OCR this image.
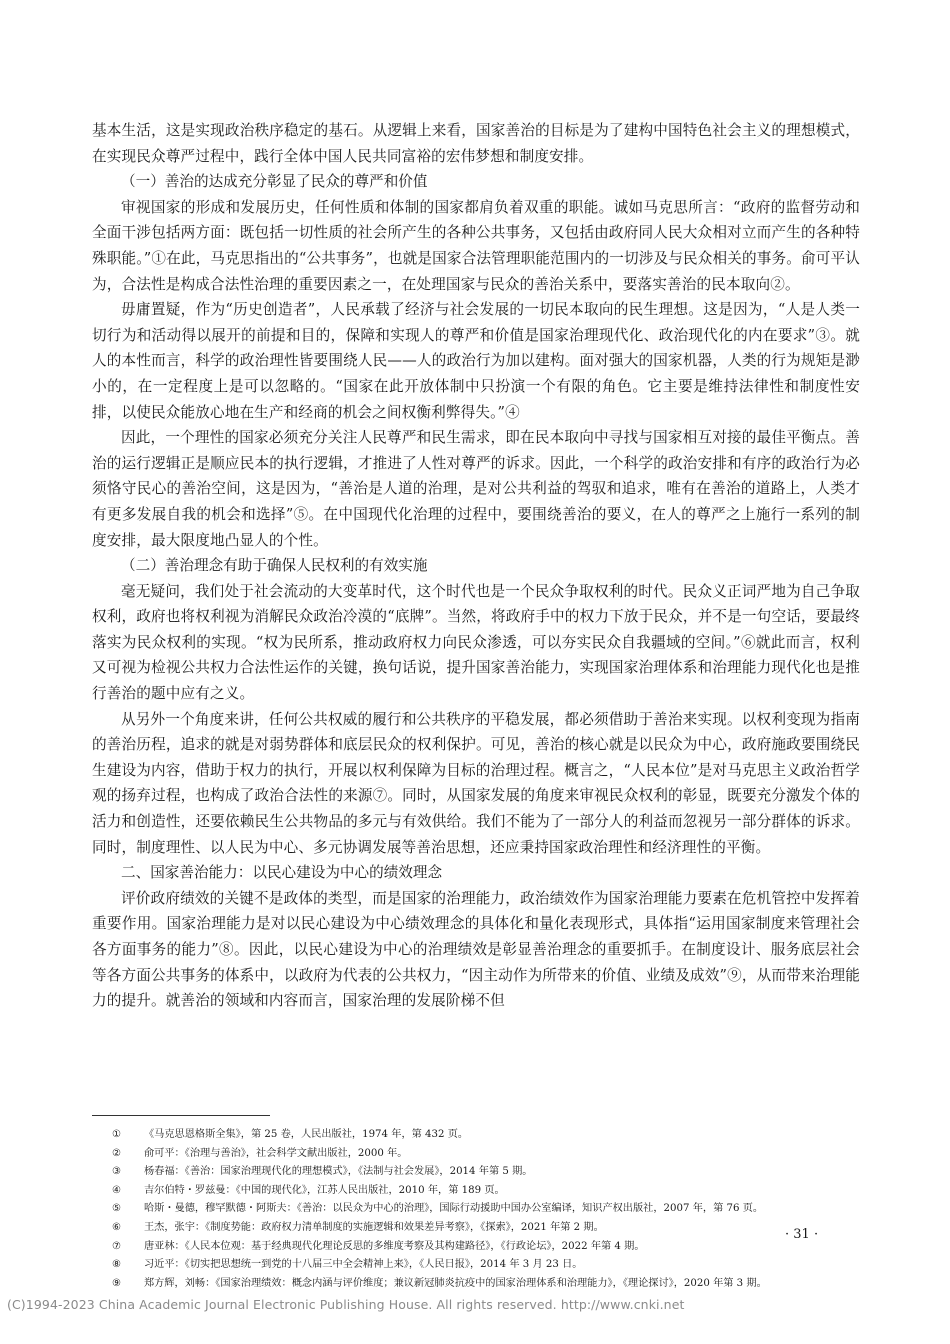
基本生活，这是实现政治秩序稳定的基石。从逻辑上来看，国家善治的目标是为了建构中国特色社会主义的理想模式，在实现民众尊严过程中，践行全体中国人民共同富裕的宏伟梦想和制度安排。

（一）善治的达成充分彰显了民众的尊严和价值

审视国家的形成和发展历史，任何性质和体制的国家都肩负着双重的职能。诚如马克思所言：“政府的监督劳动和全面干涉包括两方面：既包括一切性质的社会所产生的各种公共事务，又包括由政府同人民大众相对立而产生的各种特殊职能。”①在此，马克思指出的“公共事务”，也就是国家合法管理职能范围内的一切涉及与民众相关的事务。俞可平认为，合法性是构成合法性治理的重要因素之一，在处理国家与民众的善治关系中，要落实善治的民本取向②。

毋庸置疑，作为“历史创造者”，人民承载了经济与社会发展的一切民本取向的民生理想。这是因为，“人是人类一切行为和活动得以展开的前提和目的，保障和实现人的尊严和价值是国家治理现代化、政治现代化的内在要求”③。就人的本性而言，科学的政治理性皆要围绕人民——人的政治行为加以建构。面对强大的国家机器，人类的行为规矩是渺小的，在一定程度上是可以忽略的。“国家在此开放体制中只扮演一个有限的角色。它主要是维持法律性和制度性安排，以使民众能放心地在生产和经商的机会之间权衡利弊得失。”④

因此，一个理性的国家必须充分关注人民尊严和民生需求，即在民本取向中寻找与国家相互对接的最佳平衡点。善治的运行逻辑正是顺应民本的执行逻辑，才推进了人性对尊严的诉求。因此，一个科学的政治安排和有序的政治行为必须恪守民心的善治空间，这是因为，“善治是人道的治理，是对公共利益的驾驭和追求，唯有在善治的道路上，人类才有更多发展自我的机会和选择”⑤。在中国现代化治理的过程中，要围绕善治的要义，在人的尊严之上施行一系列的制度安排，最大限度地凸显人的个性。

（二）善治理念有助于确保人民权利的有效实施

毫无疑问，我们处于社会流动的大变革时代，这个时代也是一个民众争取权利的时代。民众义正词严地为自己争取权利，政府也将权利视为消解民众政治冷漠的“底牌”。当然，将政府手中的权力下放于民众，并不是一句空话，要最终落实为民众权利的实现。“权为民所系，推动政府权力向民众渗透，可以夯实民众自我疆域的空间。”⑥就此而言，权利又可视为检视公共权力合法性运作的关键，换句话说，提升国家善治能力，实现国家治理体系和治理能力现代化也是推行善治的题中应有之义。

从另外一个角度来讲，任何公共权威的履行和公共秩序的平稳发展，都必须借助于善治来实现。以权利变现为指南的善治历程，追求的就是对弱势群体和底层民众的权利保护。可见，善治的核心就是以民众为中心，政府施政要围绕民生建设为内容，借助于权力的执行，开展以权利保障为目标的治理过程。概言之，“人民本位”是对马克思主义政治哲学观的扬弃过程，也构成了政治合法性的来源⑦。同时，从国家发展的角度来审视民众权利的彰显，既要充分激发个体的活力和创造性，还要依赖民生公共物品的多元与有效供给。我们不能为了一部分人的利益而忽视另一部分群体的诉求。同时，制度理性、以人民为中心、多元协调发展等善治思想，还应秉持国家政治理性和经济理性的平衡。

二、国家善治能力：以民心建设为中心的绩效理念

评价政府绩效的关键不是政体的类型，而是国家的治理能力，政治绩效作为国家治理能力要素在危机管控中发挥着重要作用。国家治理能力是对以民心建设为中心绩效理念的具体化和量化表现形式，具体指“运用国家制度来管理社会各方面事务的能力”⑧。因此，以民心建设为中心的治理绩效是彰显善治理念的重要抓手。在制度设计、服务底层社会等各方面公共事务的体系中，以政府为代表的公共权力，“因主动作为所带来的价值、业绩及成效”⑨，从而带来治理能力的提升。就善治的领域和内容而言，国家治理的发展阶梯不但

①	《马克思恩格斯全集》，第 25 卷，人民出版社，1974 年，第 432 页。
②	俞可平：《治理与善治》，社会科学文献出版社，2000 年。
③	杨春福：《善治：国家治理现代化的理想模式》，《法制与社会发展》，2014 年第 5 期。
④	吉尔伯特・罗兹曼：《中国的现代化》，江苏人民出版社，2010 年，第 189 页。
⑤	哈斯・曼德，穆罕默德・阿斯夫：《善治：以民众为中心的治理》，国际行动援助中国办公室编译，知识产权出版社，2007 年，第 76 页。
⑥	王杰，张宇：《制度势能：政府权力清单制度的实施逻辑和效果差异考察》，《探索》，2021 年第 2 期。
⑦	唐亚林：《人民本位观：基于经典现代化理论反思的多维度考察及其构建路径》，《行政论坛》，2022 年第 4 期。
⑧	习近平：《切实把思想统一到党的十八届三中全会精神上来》，《人民日报》，2014 年 3 月 23 日。
⑨	郑方辉，刘畅：《国家治理绩效：概念内涵与评价维度；兼议新冠肺炎抗疫中的国家治理体系和治理能力》，《理论探讨》，2020 年第 3 期。
· 31 ·
(C)1994-2023 China Academic Journal Electronic Publishing House. All rights reserved. http://www.cnki.net
